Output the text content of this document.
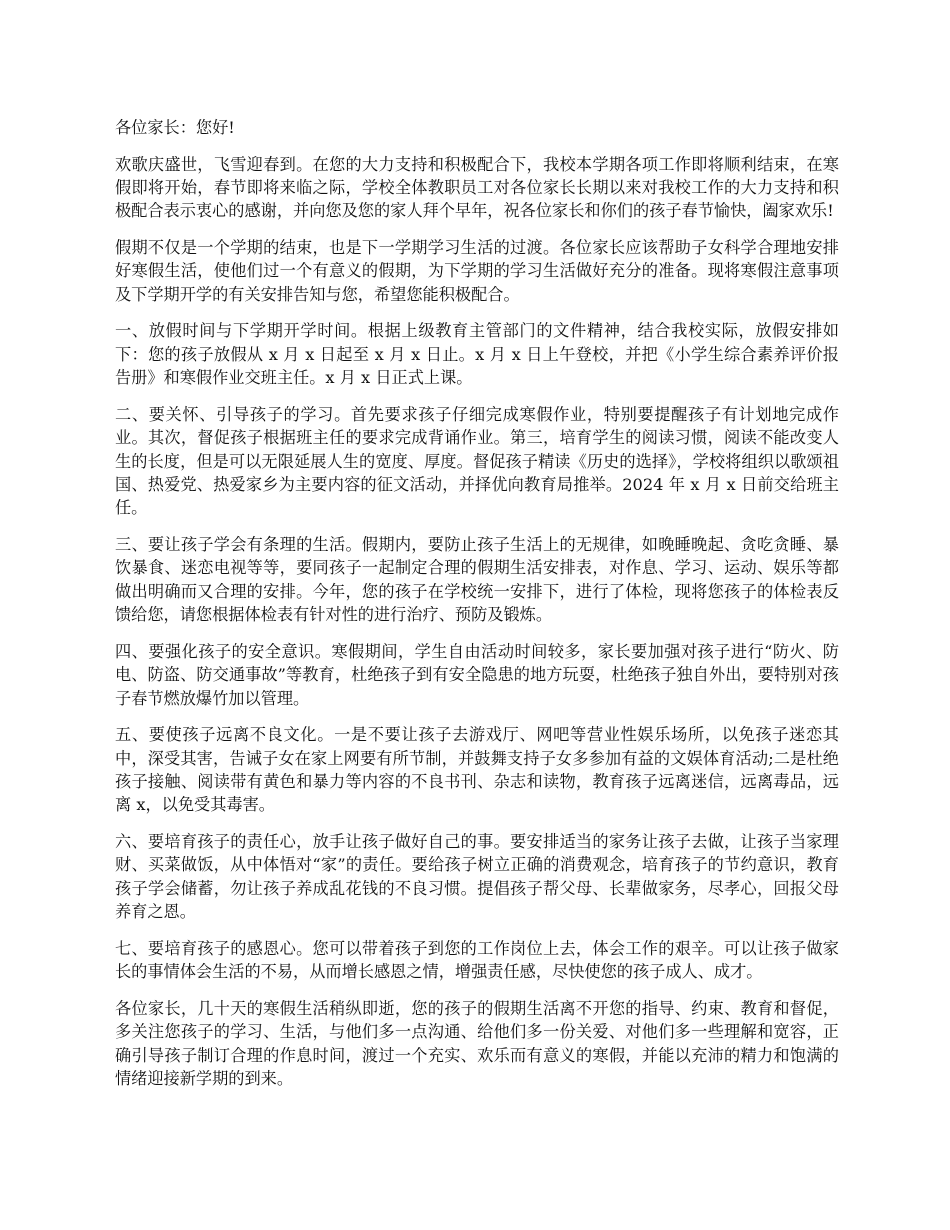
各位家长：您好!

欢歌庆盛世，飞雪迎春到。在您的大力支持和积极配合下，我校本学期各项工作即将顺利结束，在寒假即将开始，春节即将来临之际，学校全体教职员工对各位家长长期以来对我校工作的大力支持和积极配合表示衷心的感谢，并向您及您的家人拜个早年，祝各位家长和你们的孩子春节愉快，阖家欢乐!

假期不仅是一个学期的结束，也是下一学期学习生活的过渡。各位家长应该帮助子女科学合理地安排好寒假生活，使他们过一个有意义的假期，为下学期的学习生活做好充分的准备。现将寒假注意事项及下学期开学的有关安排告知与您，希望您能积极配合。

一、放假时间与下学期开学时间。根据上级教育主管部门的文件精神，结合我校实际，放假安排如下：您的孩子放假从 x 月 x 日起至 x 月 x 日止。x 月 x 日上午登校，并把《小学生综合素养评价报告册》和寒假作业交班主任。x 月 x 日正式上课。

二、要关怀、引导孩子的学习。首先要求孩子仔细完成寒假作业，特别要提醒孩子有计划地完成作业。其次，督促孩子根据班主任的要求完成背诵作业。第三，培育学生的阅读习惯，阅读不能改变人生的长度，但是可以无限延展人生的宽度、厚度。督促孩子精读《历史的选择》，学校将组织以歌颂祖国、热爱党、热爱家乡为主要内容的征文活动，并择优向教育局推举。2024 年 x 月 x 日前交给班主任。

三、要让孩子学会有条理的生活。假期内，要防止孩子生活上的无规律，如晚睡晚起、贪吃贪睡、暴饮暴食、迷恋电视等等，要同孩子一起制定合理的假期生活安排表，对作息、学习、运动、娱乐等都做出明确而又合理的安排。今年，您的孩子在学校统一安排下，进行了体检，现将您孩子的体检表反馈给您，请您根据体检表有针对性的进行治疗、预防及锻炼。

四、要强化孩子的安全意识。寒假期间，学生自由活动时间较多，家长要加强对孩子进行“防火、防电、防盗、防交通事故”等教育，杜绝孩子到有安全隐患的地方玩耍，杜绝孩子独自外出，要特别对孩子春节燃放爆竹加以管理。

五、要使孩子远离不良文化。一是不要让孩子去游戏厅、网吧等营业性娱乐场所，以免孩子迷恋其中，深受其害，告诫子女在家上网要有所节制，并鼓舞支持子女多参加有益的文娱体育活动;二是杜绝孩子接触、阅读带有黄色和暴力等内容的不良书刊、杂志和读物，教育孩子远离迷信，远离毒品，远离 x，以免受其毒害。

六、要培育孩子的责任心，放手让孩子做好自己的事。要安排适当的家务让孩子去做，让孩子当家理财、买菜做饭，从中体悟对“家”的责任。要给孩子树立正确的消费观念，培育孩子的节约意识，教育孩子学会储蓄，勿让孩子养成乱花钱的不良习惯。提倡孩子帮父母、长辈做家务，尽孝心，回报父母养育之恩。

七、要培育孩子的感恩心。您可以带着孩子到您的工作岗位上去，体会工作的艰辛。可以让孩子做家长的事情体会生活的不易，从而增长感恩之情，增强责任感，尽快使您的孩子成人、成才。

各位家长，几十天的寒假生活稍纵即逝，您的孩子的假期生活离不开您的指导、约束、教育和督促，多关注您孩子的学习、生活，与他们多一点沟通、给他们多一份关爱、对他们多一些理解和宽容，正确引导孩子制订合理的作息时间，渡过一个充实、欢乐而有意义的寒假，并能以充沛的精力和饱满的情绪迎接新学期的到来。
